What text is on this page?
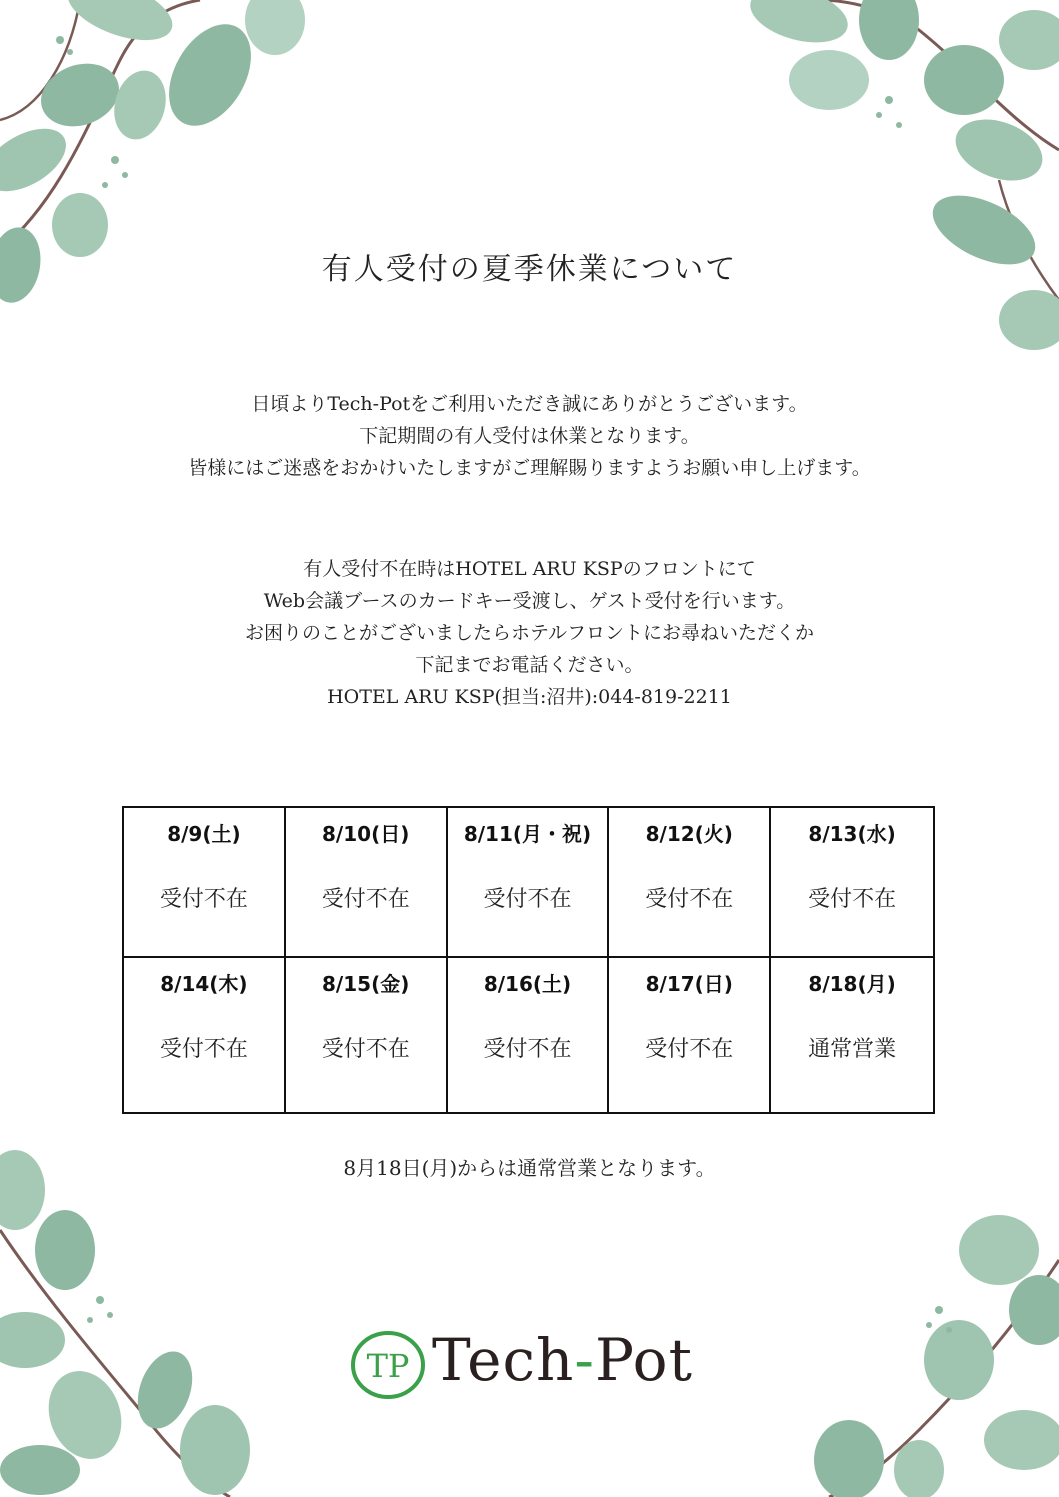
有人受付の夏季休業について
日頃よりTech-Potをご利用いただき誠にありがとうございます。
下記期間の有人受付は休業となります。
皆様にはご迷惑をおかけいたしますがご理解賜りますようお願い申し上げます。
有人受付不在時はHOTEL ARU KSPのフロントにて
Web会議ブースのカードキー受渡し、ゲスト受付を行います。
お困りのことがございましたらホテルフロントにお尋ねいただくか
下記までお電話ください。
HOTEL ARU KSP(担当:沼井):044-819-2211
8/9(土)
受付不在
8/10(日)
受付不在
8/11(月・祝)
受付不在
8/12(火)
受付不在
8/13(水)
受付不在
8/14(木)
受付不在
8/15(金)
受付不在
8/16(土)
受付不在
8/17(日)
受付不在
8/18(月)
通常営業
8月18日(月)からは通常営業となります。
TP Tech-Pot
